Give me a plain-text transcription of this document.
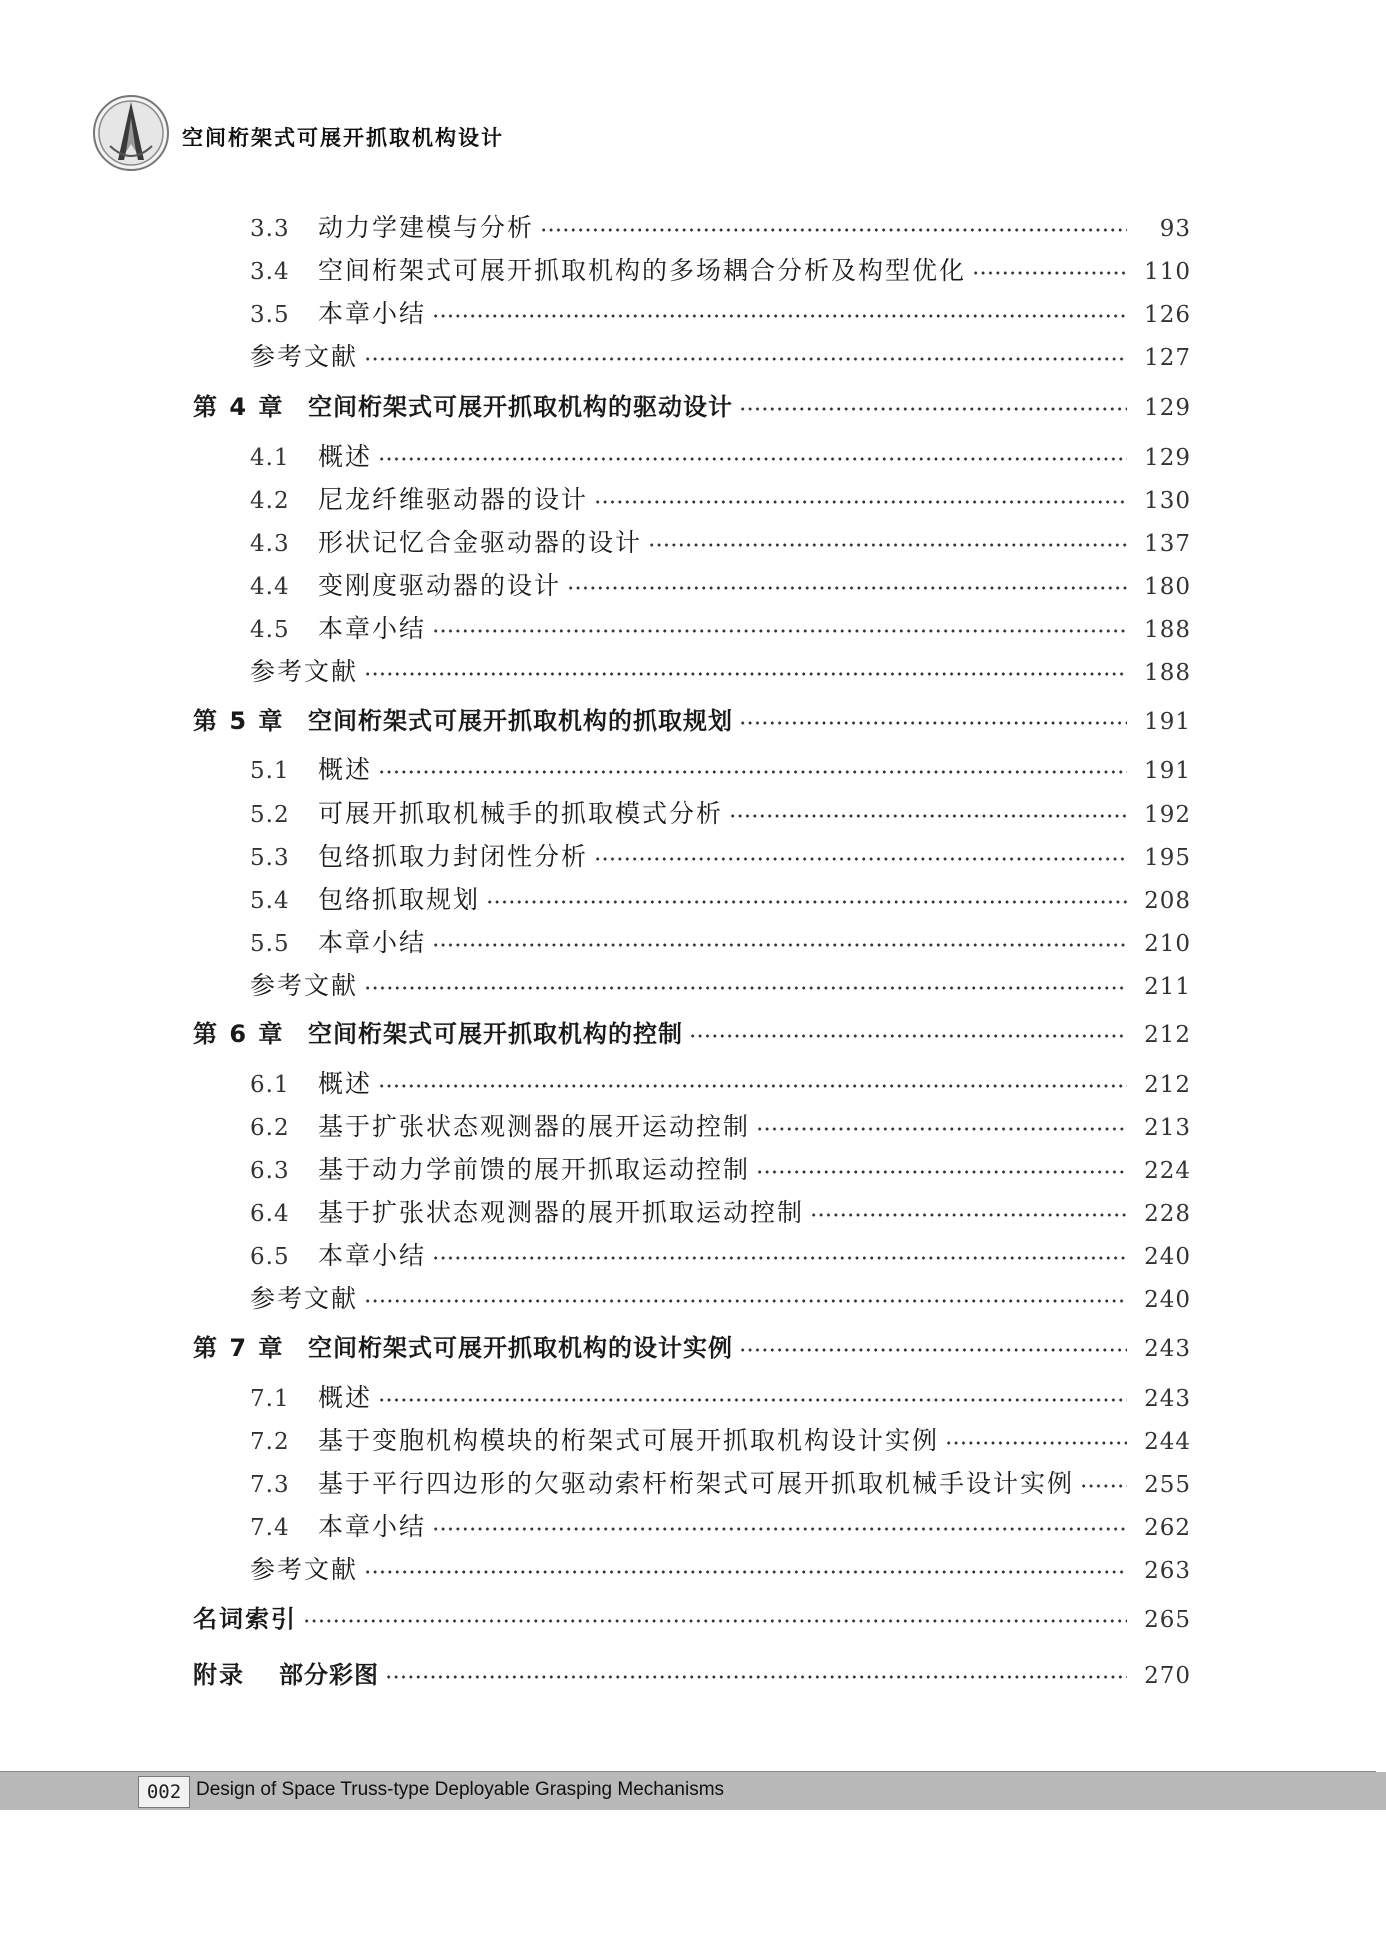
空间桁架式可展开抓取机构设计
3.3	动力学建模与分析	93
3.4	空间桁架式可展开抓取机构的多场耦合分析及构型优化	110
3.5	本章小结	126
参考文献	127
第 4 章 空间桁架式可展开抓取机构的驱动设计	129
4.1	概述	129
4.2	尼龙纤维驱动器的设计	130
4.3	形状记忆合金驱动器的设计	137
4.4	变刚度驱动器的设计	180
4.5	本章小结	188
参考文献	188
第 5 章 空间桁架式可展开抓取机构的抓取规划	191
5.1	概述	191
5.2	可展开抓取机械手的抓取模式分析	192
5.3	包络抓取力封闭性分析	195
5.4	包络抓取规划	208
5.5	本章小结	210
参考文献	211
第 6 章 空间桁架式可展开抓取机构的控制	212
6.1	概述	212
6.2	基于扩张状态观测器的展开运动控制	213
6.3	基于动力学前馈的展开抓取运动控制	224
6.4	基于扩张状态观测器的展开抓取运动控制	228
6.5	本章小结	240
参考文献	240
第 7 章 空间桁架式可展开抓取机构的设计实例	243
7.1	概述	243
7.2	基于变胞机构模块的桁架式可展开抓取机构设计实例	244
7.3	基于平行四边形的欠驱动索杆桁架式可展开抓取机械手设计实例	255
7.4	本章小结	262
参考文献	263
名词索引	265
附录	部分彩图	270
002 Design of Space Truss-type Deployable Grasping Mechanisms
